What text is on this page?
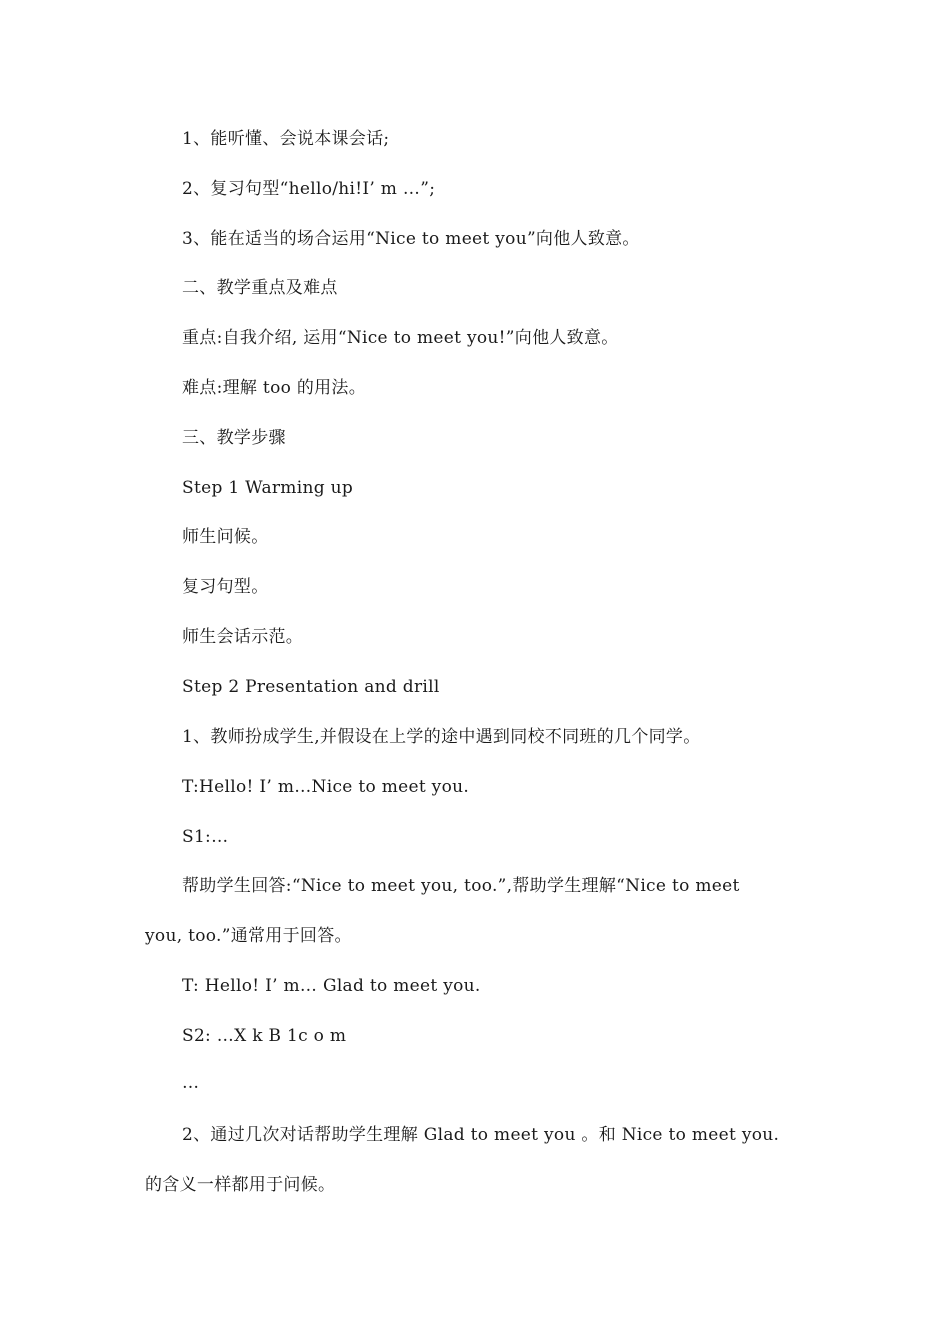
1、能听懂、会说本课会话;
2、复习句型“hello/hi!I’ m …”;
3、能在适当的场合运用“Nice to meet you”向他人致意。
二、教学重点及难点
重点:自我介绍, 运用“Nice to meet you!”向他人致意。
难点:理解 too 的用法。
三、教学步骤
Step 1 Warming up
师生问候。
复习句型。
师生会话示范。
Step 2 Presentation and drill
1、教师扮成学生,并假设在上学的途中遇到同校不同班的几个同学。
T:Hello! I’ m…Nice to meet you.
S1:…
帮助学生回答:“Nice to meet you, too.”,帮助学生理解“Nice to meet
you, too.”通常用于回答。
T: Hello! I’ m… Glad to meet you.
S2: …X k B 1c o m
…
2、通过几次对话帮助学生理解 Glad to meet you 。和 Nice to meet you.
的含义一样都用于问候。
